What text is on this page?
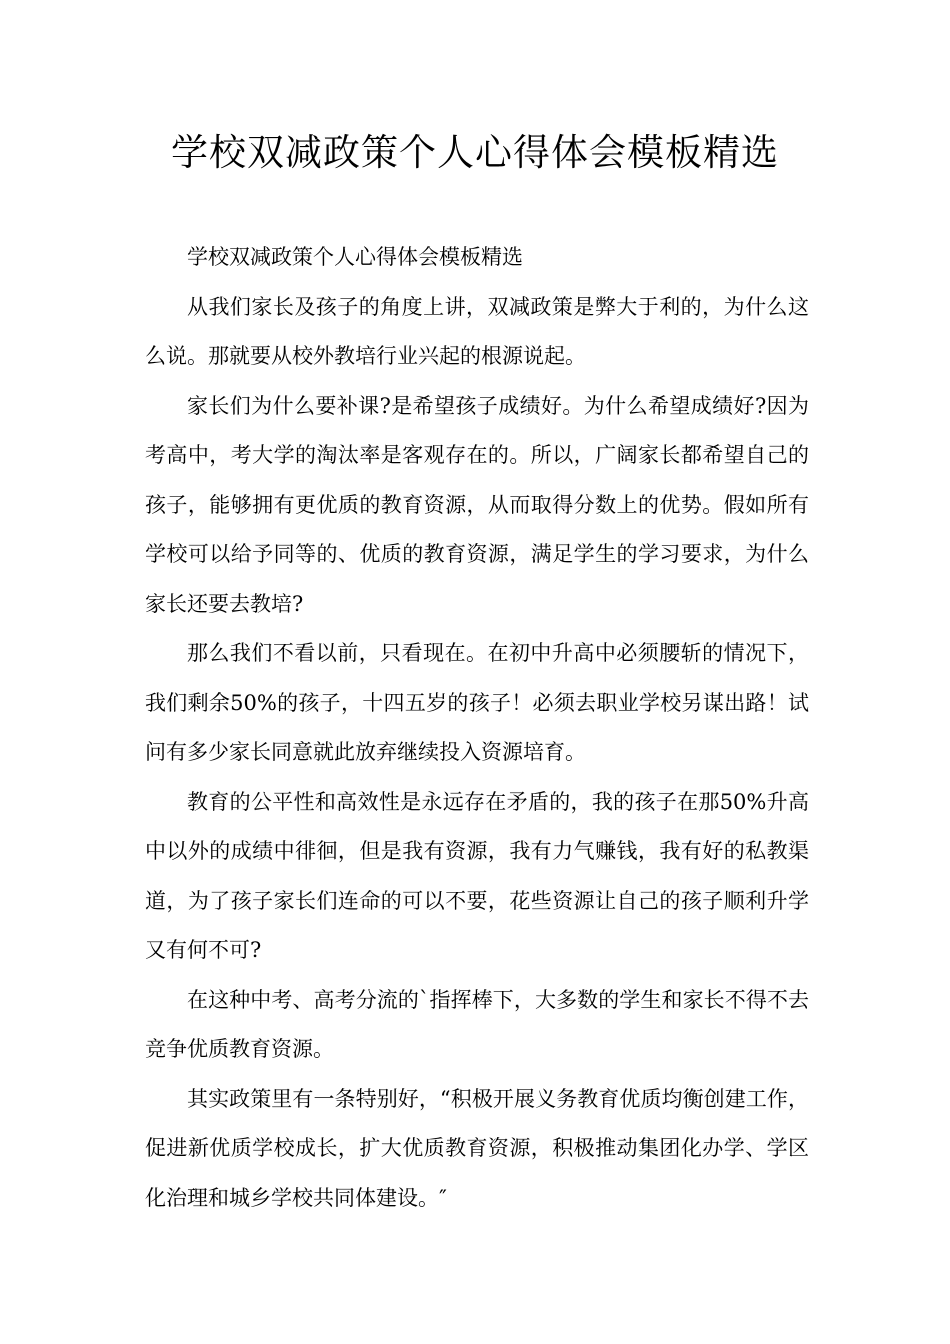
学校双减政策个人心得体会模板精选

学校双减政策个人心得体会模板精选

从我们家长及孩子的角度上讲，双减政策是弊大于利的，为什么这么说。那就要从校外教培行业兴起的根源说起。

家长们为什么要补课?是希望孩子成绩好。为什么希望成绩好?因为考高中，考大学的淘汰率是客观存在的。所以，广阔家长都希望自己的孩子，能够拥有更优质的教育资源，从而取得分数上的优势。假如所有学校可以给予同等的、优质的教育资源，满足学生的学习要求，为什么家长还要去教培?

那么我们不看以前，只看现在。在初中升高中必须腰斩的情况下，我们剩余50%的孩子，十四五岁的孩子！必须去职业学校另谋出路！试问有多少家长同意就此放弃继续投入资源培育。

教育的公平性和高效性是永远存在矛盾的，我的孩子在那50%升高中以外的成绩中徘徊，但是我有资源，我有力气赚钱，我有好的私教渠道，为了孩子家长们连命的可以不要，花些资源让自己的孩子顺利升学又有何不可?

在这种中考、高考分流的`指挥棒下，大多数的学生和家长不得不去竞争优质教育资源。

其实政策里有一条特别好，“积极开展义务教育优质均衡创建工作，促进新优质学校成长，扩大优质教育资源，积极推动集团化办学、学区化治理和城乡学校共同体建设。″
